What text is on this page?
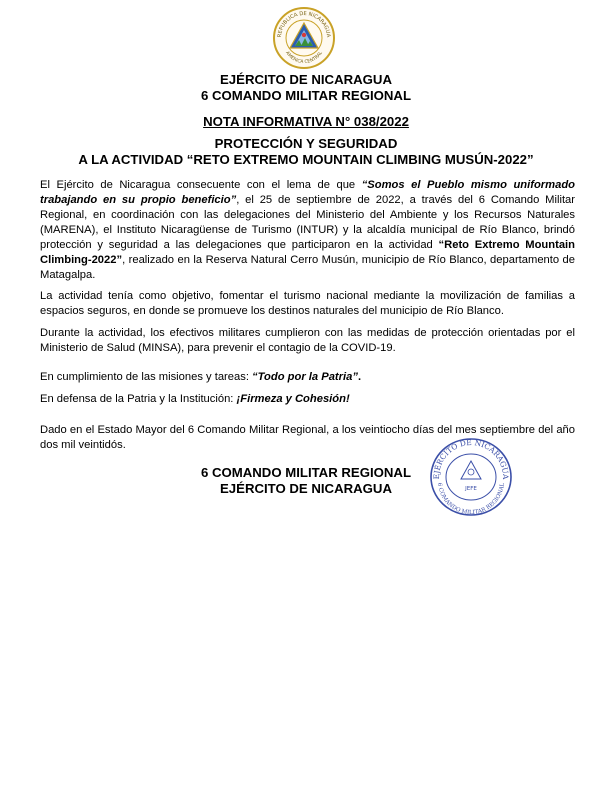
REPUBLICA DE NICARAGUA
AMERICA CENTRAL
EJÉRCITO DE NICARAGUA
6 COMANDO MILITAR REGIONAL
NOTA INFORMATIVA N° 038/2022
PROTECCIÓN Y SEGURIDAD
A LA ACTIVIDAD “RETO EXTREMO MOUNTAIN CLIMBING MUSÚN-2022”

El Ejército de Nicaragua consecuente con el lema de que “Somos el Pueblo mismo uniformado trabajando en su propio beneficio”, el 25 de septiembre de 2022, a través del 6 Comando Militar Regional, en coordinación con las delegaciones del Ministerio del Ambiente y los Recursos Naturales (MARENA), el Instituto Nicaragüense de Turismo (INTUR) y la alcaldía municipal de Río Blanco, brindó protección y seguridad a las delegaciones que participaron en la actividad “Reto Extremo Mountain Climbing-2022”, realizado en la Reserva Natural Cerro Musún, municipio de Río Blanco, departamento de Matagalpa.

La actividad tenía como objetivo, fomentar el turismo nacional mediante la movilización de familias a espacios seguros, en donde se promueve los destinos naturales del municipio de Río Blanco.

Durante la actividad, los efectivos militares cumplieron con las medidas de protección orientadas por el Ministerio de Salud (MINSA), para prevenir el contagio de la COVID-19.

En cumplimiento de las misiones y tareas: “Todo por la Patria”.

En defensa de la Patria y la Institución: ¡Firmeza y Cohesión!

Dado en el Estado Mayor del 6 Comando Militar Regional, a los veintiocho días del mes septiembre del año dos mil veintidós.

6 COMANDO MILITAR REGIONAL
EJÉRCITO DE NICARAGUA
EJÉRCITO DE NICARAGUA
6 COMANDO MILITAR REGIONAL
JEFE
